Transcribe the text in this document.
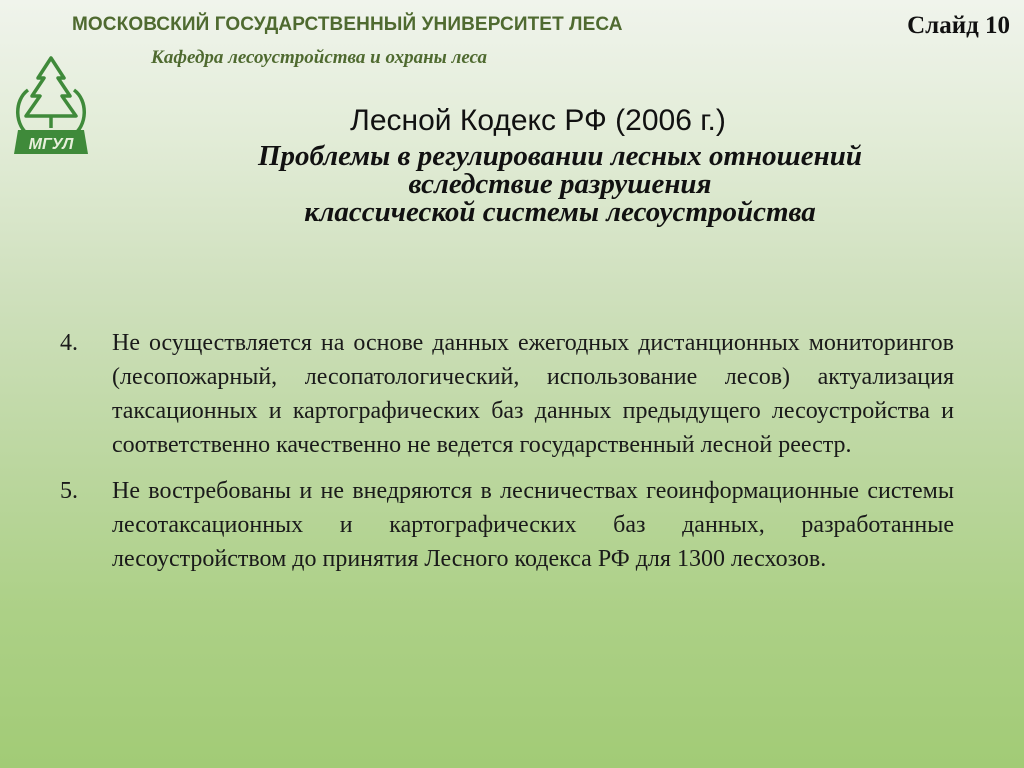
МОСКОВСКИЙ ГОСУДАРСТВЕННЫЙ УНИВЕРСИТЕТ ЛЕСА
Кафедра лесоустройства и охраны леса
Слайд 10
МГУЛ
Лесной Кодекс РФ (2006 г.)
Проблемы в регулировании лесных отношений
вследствие разрушения
классической системы лесоустройства
4. Не осуществляется на основе данных ежегодных дистанционных мониторингов (лесопожарный, лесопатологический, использование лесов) актуализация таксационных и картографических баз данных предыдущего лесоустройства и соответственно качественно не ведется государственный лесной реестр.
5. Не востребованы и не внедряются в лесничествах геоинформационные системы лесотаксационных и картографических баз данных, разработанные лесоустройством до принятия Лесного кодекса РФ для 1300 лесхозов.
